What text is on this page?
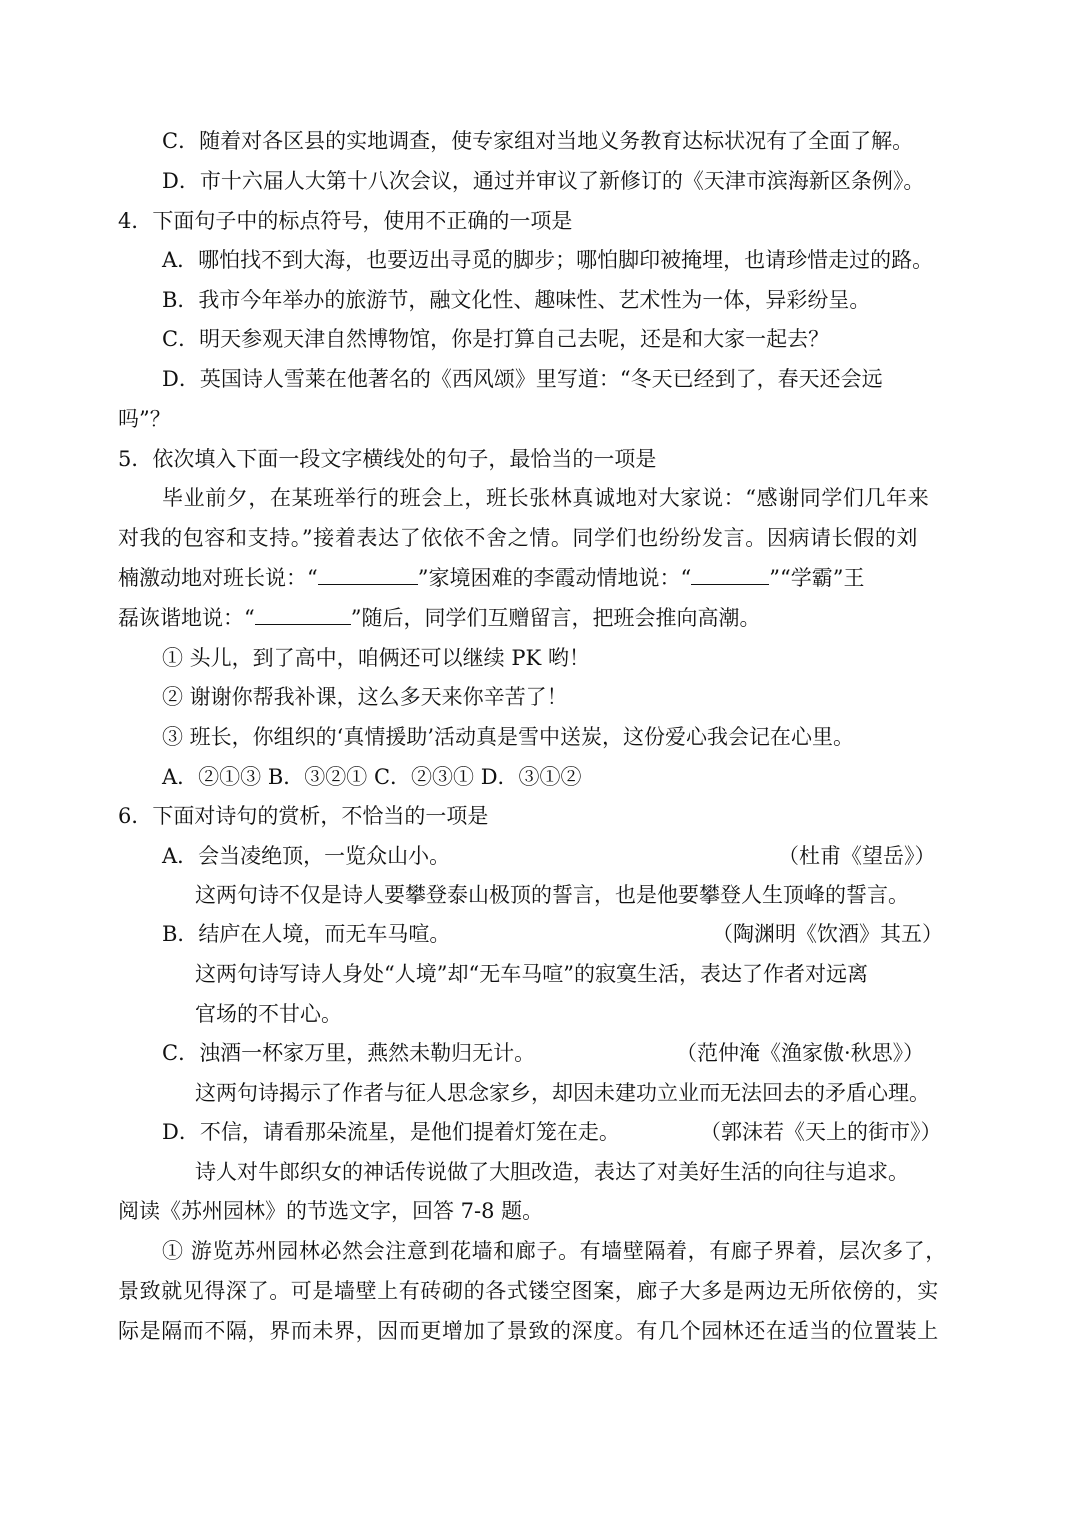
C．随着对各区县的实地调查，使专家组对当地义务教育达标状况有了全面了解。
D．市十六届人大第十八次会议，通过并审议了新修订的《天津市滨海新区条例》。
4．下面句子中的标点符号，使用不正确的一项是
A．哪怕找不到大海，也要迈出寻觅的脚步；哪怕脚印被掩埋，也请珍惜走过的路。
B．我市今年举办的旅游节，融文化性、趣味性、艺术性为一体，异彩纷呈。
C．明天参观天津自然博物馆，你是打算自己去呢，还是和大家一起去？
D．英国诗人雪莱在他著名的《西风颂》里写道：“冬天已经到了，春天还会远
吗”？
5．依次填入下面一段文字横线处的句子，最恰当的一项是
毕业前夕，在某班举行的班会上，班长张林真诚地对大家说：“感谢同学们几年来
对我的包容和支持。”接着表达了依依不舍之情。同学们也纷纷发言。因病请长假的刘
楠激动地对班长说：“	”家境困难的李霞动情地说：“	”“学霸”王
磊诙谐地说：“	”随后，同学们互赠留言，把班会推向高潮。
① 头儿，到了高中，咱俩还可以继续 PK 哟！
② 谢谢你帮我补课，这么多天来你辛苦了！
③ 班长，你组织的‘真情援助’活动真是雪中送炭，这份爱心我会记在心里。
A．②①③ B．③②① C．②③① D．③①②
6．下面对诗句的赏析，不恰当的一项是
A．会当凌绝顶，一览众山小。	（杜甫《望岳》）
这两句诗不仅是诗人要攀登泰山极顶的誓言，也是他要攀登人生顶峰的誓言。
B．结庐在人境，而无车马喧。	（陶渊明《饮酒》其五）
这两句诗写诗人身处“人境”却“无车马喧”的寂寞生活，表达了作者对远离
官场的不甘心。
C．浊酒一杯家万里，燕然未勒归无计。	（范仲淹《渔家傲·秋思》）
这两句诗揭示了作者与征人思念家乡，却因未建功立业而无法回去的矛盾心理。
D．不信，请看那朵流星，是他们提着灯笼在走。	（郭沫若《天上的街市》）
诗人对牛郎织女的神话传说做了大胆改造，表达了对美好生活的向往与追求。
阅读《苏州园林》的节选文字，回答 7-8 题。
① 游览苏州园林必然会注意到花墙和廊子。有墙壁隔着，有廊子界着，层次多了，
景致就见得深了。可是墙壁上有砖砌的各式镂空图案，廊子大多是两边无所依傍的，实
际是隔而不隔，界而未界，因而更增加了景致的深度。有几个园林还在适当的位置装上
